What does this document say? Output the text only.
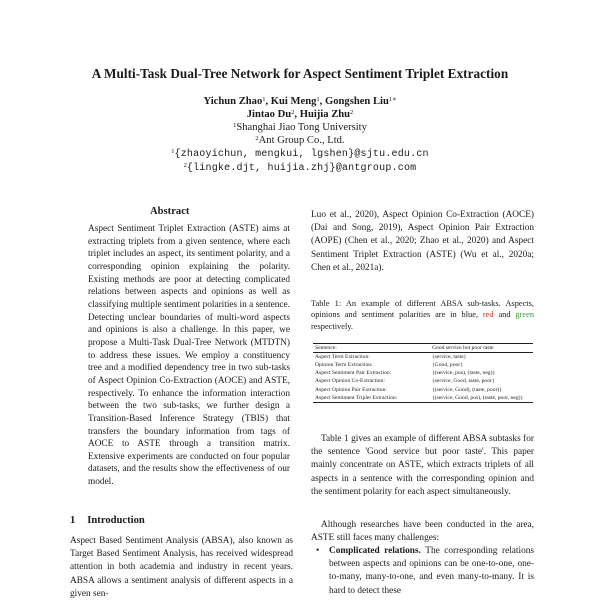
A Multi-Task Dual-Tree Network for Aspect Sentiment Triplet Extraction
Yichun Zhao$^1$, Kui Meng$^1$, Gongshen Liu$^{1∗}$
Jintao Du$^2$, Huijia Zhu$^2$
$^1$Shanghai Jiao Tong University
$^2$Ant Group Co., Ltd.
$^1${zhaoyichun, mengkui, lgshen}@sjtu.edu.cn
$^2${lingke.djt, huijia.zhj}@antgroup.com
Abstract
Aspect Sentiment Triplet Extraction (ASTE) aims at extracting triplets from a given sentence, where each triplet includes an aspect, its sentiment polarity, and a corresponding opinion explaining the polarity. Existing methods are poor at detecting complicated relations between aspects and opinions as well as classifying multiple sentiment polarities in a sentence. Detecting unclear boundaries of multi-word aspects and opinions is also a challenge. In this paper, we propose a Multi-Task Dual-Tree Network (MTDTN) to address these issues. We employ a constituency tree and a modified dependency tree in two sub-tasks of Aspect Opinion Co-Extraction (AOCE) and ASTE, respectively. To enhance the information interaction between the two sub-tasks, we further design a Transition-Based Inference Strategy (TBIS) that transfers the boundary information from tags of AOCE to ASTE through a transition matrix. Extensive experiments are conducted on four popular datasets, and the results show the effectiveness of our model.
1 Introduction
Aspect Based Sentiment Analysis (ABSA), also known as Target Based Sentiment Analysis, has received widespread attention in both academia and industry in recent years. ABSA allows a sentiment analysis of different aspects in a given sen-
Luo et al., 2020), Aspect Opinion Co-Extraction (AOCE) (Dai and Song, 2019), Aspect Opinion Pair Extraction (AOPE) (Chen et al., 2020; Zhao et al., 2020) and Aspect Sentiment Triplet Extraction (ASTE) (Wu et al., 2020a; Chen et al., 2021a).
Table 1: An example of different ABSA sub-tasks. Aspects, opinions and sentiment polarities are in blue, red and green respectively.
Sentence:	Good service but poor taste
Aspect Term Extraction:	{service, taste}
Opinion Term Extraction:	{Good, poor}
Aspect Sentiment Pair Extraction:	{(service, pos), (taste, neg)}
Aspect Opinion Co-Extraction:	{service, Good, taste, poor}
Aspect Opinion Pair Extraction:	{(service, Good), (taste, poor)}
Aspect Sentiment Triplet Extraction:	{(service, Good, pos), (taste, poor, neg)}
Table 1 gives an example of different ABSA subtasks for the sentence 'Good service but poor taste'. This paper mainly concentrate on ASTE, which extracts triplets of all aspects in a sentence with the corresponding opinion and the sentiment polarity for each aspect simultaneously.
Although researches have been conducted in the area, ASTE still faces many challenges:
• Complicated relations. The corresponding relations between aspects and opinions can be one-to-one, one-to-many, many-to-one, and even many-to-many. It is hard to detect these
